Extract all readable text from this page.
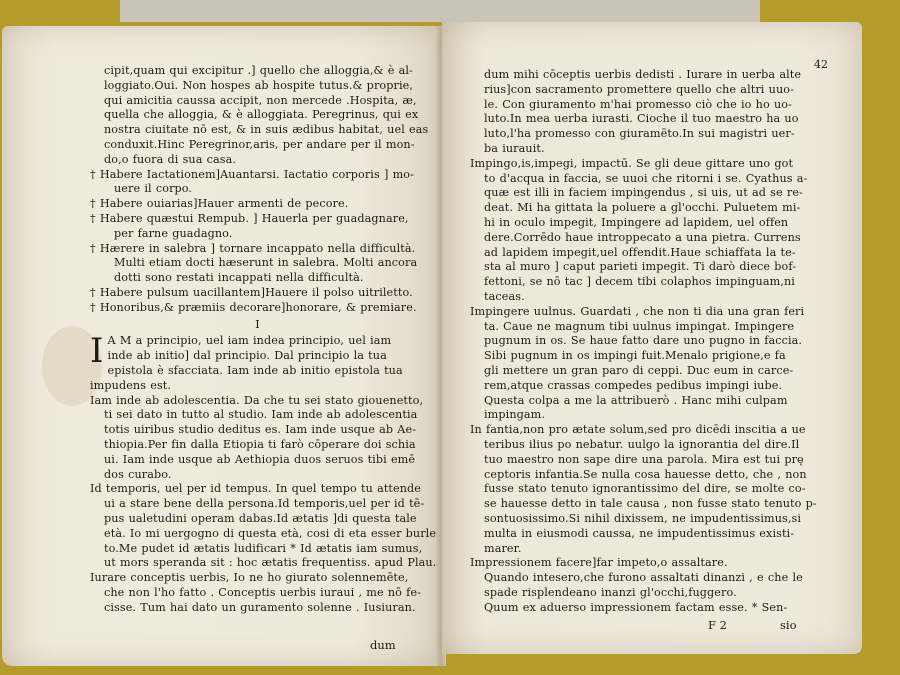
cipit,quam qui excipitur .] quello che alloggia,& è al-

loggiato.Oui. Non hospes ab hospite tutus.& proprie,

qui amicitia caussa accipit, non mercede .Hospita, æ,

quella che alloggia, & è alloggiata. Peregrinus, qui ex

nostra ciuitate nō est, & in suis ædibus habitat, uel eas

conduxit.Hinc Peregrinor,aris, per andare per il mon-

do,o fuora di sua casa.

† Habere Iactationem]Auantarsi. Iactatio corporis ] mo-

uere il corpo.

† Habere ouiarias]Hauer armenti de pecore.

† Habere quæstui Rempub. ] Hauerla per guadagnare,

per farne guadagno.

† Hærere in salebra ] tornare incappato nella difficultà.

Multi etiam docti hæserunt in salebra. Molti ancora

dotti sono restati incappati nella difficultà.

† Habere pulsum uacillantem]Hauere il polso uitriletto.

† Honoribus,& præmiis decorare]honorare, & premiare.

I

I A M a principio, uel iam indea principio, uel iam

inde ab initio] dal principio. Dal principio la tua

epistola è sfacciata. Iam inde ab initio epistola tua

impudens est.

Iam inde ab adolescentia. Da che tu sei stato giouenetto,

ti sei dato in tutto al studio. Iam inde ab adolescentia

totis uiribus studio deditus es. Iam inde usque ab Ae-

thiopia.Per fin dalla Etiopia ti farò cōperare doi schia

ui. Iam inde usque ab Aethiopia duos seruos tibi emē

dos curabo.

Id temporis, uel per id tempus. In quel tempo tu attende

ui a stare bene della persona.Id temporis,uel per id tē-

pus ualetudini operam dabas.Id ætatis ]di questa tale

età. Io mi uergogno di questa età, cosi di eta esser burle

to.Me pudet id ætatis ludificari * Id ætatis iam sumus,

ut mors speranda sit : hoc ætatis frequentiss. apud Plau.

Iurare conceptis uerbis, Io ne ho giurato solennemēte,

che non l'ho fatto . Conceptis uerbis iuraui , me nō fe-

cisse. Tum hai dato un guramento solenne . Iusiuran.

dum
42

dum mihi cōceptis uerbis dedisti . Iurare in uerba alte

rius]con sacramento promettere quello che altri uuo-

le. Con giuramento m'hai promesso ciò che io ho uo-

luto.In mea uerba iurasti. Cioche il tuo maestro ha uo

luto,l'ha promesso con giuramēto.In sui magistri uer-

ba iurauit.

Impingo,is,impegi, impactū. Se gli deue gittare uno got

to d'acqua in faccia, se uuoi che ritorni i se. Cyathus a-

quæ est illi in faciem impingendus , si uis, ut ad se re-

deat. Mi ha gittata la poluere a gl'occhi. Puluetem mi-

hi in oculo impegit, Impingere ad lapidem, uel offen

dere.Corrēdo haue introppecato a una pietra. Currens

ad lapidem impegit,uel offendit.Haue schiaffata la te-

sta al muro ] caput parieti impegit. Ti darò diece bof-

fettoni, se nō tac ] decem tibi colaphos impinguam,ni

taceas.

Impingere uulnus. Guardati , che non ti dia una gran feri

ta. Caue ne magnum tibi uulnus impingat. Impingere

pugnum in os. Se haue fatto dare uno pugno in faccia.

Sibi pugnum in os impingi fuit.Menalo prigione,e fa

gli mettere un gran paro di ceppi. Duc eum in carce-

rem,atque crassas compedes pedibus impingi iube.

Questa colpa a me la attribuerò . Hanc mihi culpam

impingam.

In fantia,non pro ætate solum,sed pro dicēdi inscitia a ue

teribus ilius po nebatur. uulgo la ignorantia del dire.Il

tuo maestro non sape dire una parola. Mira est tui prę

ceptoris infantia.Se nulla cosa hauesse detto, che , non

fusse stato tenuto ignorantissimo del dire, se molte co-

se hauesse detto in tale causa , non fusse stato tenuto p-

sontuosissimo.Si nihil dixissem, ne impudentissimus,si

multa in eiusmodi caussa, ne impudentissimus existi-

marer.

Impressionem facere]far impeto,o assaltare.

Quando intesero,che furono assaltati dinanzi , e che le

spade risplendeano inanzi gl'occhi,fuggero.

Quum ex aduerso impressionem factam esse. * Sen-

F 2	sio
